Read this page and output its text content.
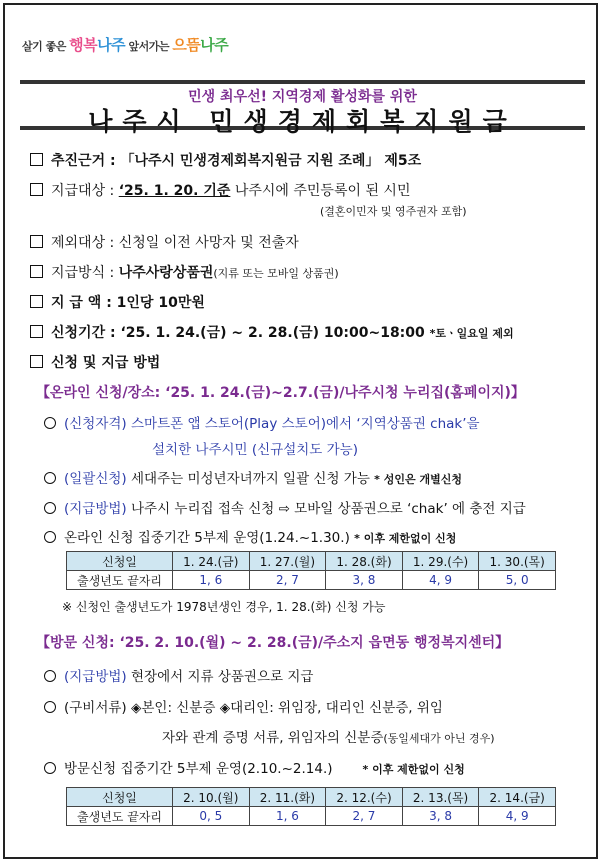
살기 좋은 행복나주 앞서가는 으뜸나주
민생 최우선! 지역경제 활성화를 위한
나주시 민생경제회복지원금
추진근거 : 「나주시 민생경제회복지원금 지원 조례」 제5조
지급대상 : ‘25. 1. 20. 기준 나주시에 주민등록이 된 시민
(결혼이민자 및 영주권자 포함)
제외대상 : 신청일 이전 사망자 및 전출자
지급방식 : 나주사랑상품권(지류 또는 모바일 상품권)
지 급 액 : 1인당 10만원
신청기간 : ‘25. 1. 24.(금) ~ 2. 28.(금) 10:00~18:00 *토ㆍ일요일 제외
신청 및 지급 방법
【온라인 신청/장소: ‘25. 1. 24.(금)~2.7.(금)/나주시청 누리집(홈페이지)】
(신청자격) 스마트폰 앱 스토어(Play 스토어)에서 ‘지역상품권 chak’을
설치한 나주시민 (신규설치도 가능)
(일괄신청) 세대주는 미성년자녀까지 일괄 신청 가능 * 성인은 개별신청
(지급방법) 나주시 누리집 접속 신청 ⇨ 모바일 상품권으로 ‘chak’ 에 충전 지급
온라인 신청 집중기간 5부제 운영(1.24.~1.30.) * 이후 제한없이 신청
신청일	1. 24.(금)	1. 27.(월)	1. 28.(화)	1. 29.(수)	1. 30.(목)
출생년도 끝자리	1, 6	2, 7	3, 8	4, 9	5, 0
※ 신청인 출생년도가 1978년생인 경우, 1. 28.(화) 신청 가능
【방문 신청: ‘25. 2. 10.(월) ~ 2. 28.(금)/주소지 읍면동 행정복지센터】
(지급방법) 현장에서 지류 상품권으로 지급
(구비서류) ◈본인: 신분증 ◈대리인: 위임장, 대리인 신분증, 위임
자와 관계 증명 서류, 위임자의 신분증(동일세대가 아닌 경우)
방문신청 집중기간 5부제 운영(2.10.~2.14.)	* 이후 제한없이 신청
신청일	2. 10.(월)	2. 11.(화)	2. 12.(수)	2. 13.(목)	2. 14.(금)
출생년도 끝자리	0, 5	1, 6	2, 7	3, 8	4, 9
